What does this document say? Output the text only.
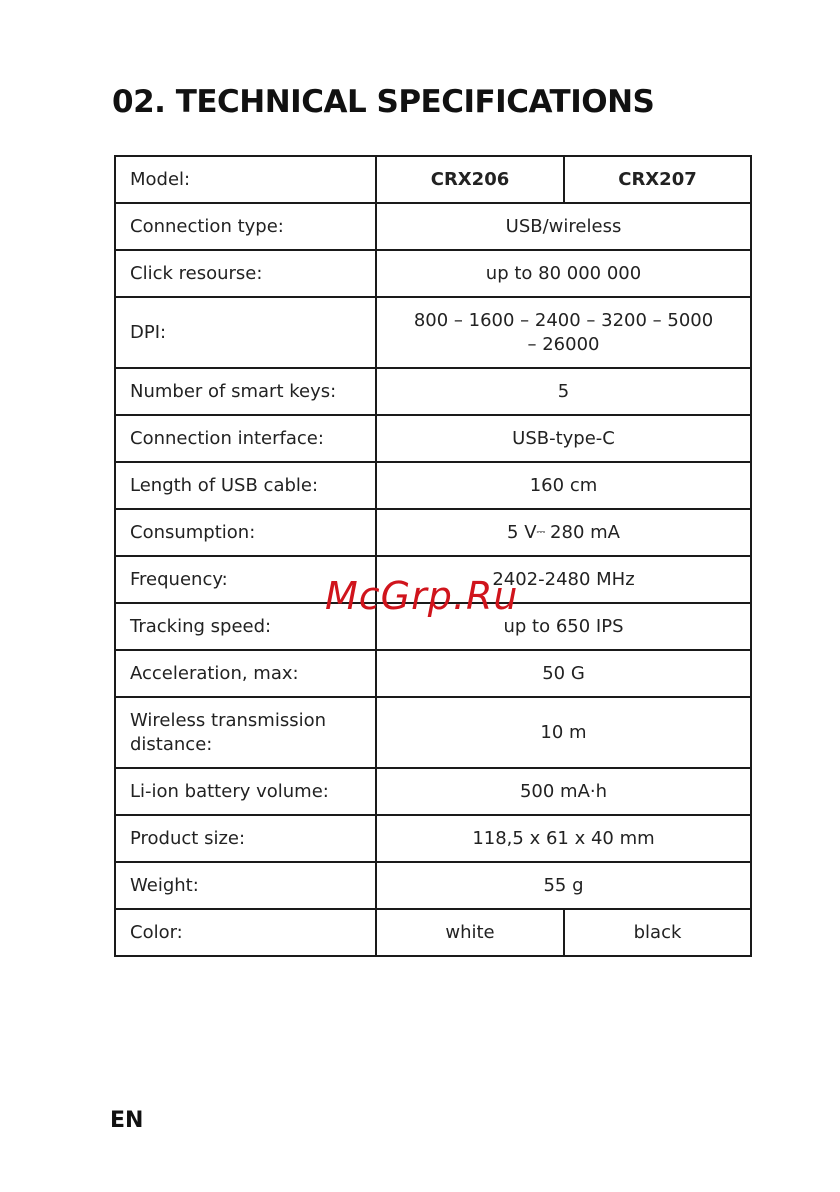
02. TECHNICAL SPECIFICATIONS
Model:	CRX206	CRX207
Connection type:	USB/wireless	
Click resourse:	up to 80 000 000	
DPI:	800 – 1600 – 2400 – 3200 – 5000
– 26000	

Number of smart keys:	5	
Connection interface:	USB-type-C	
Length of USB cable:	160 cm	
Consumption:	5 V⎓ 280 mA	
Frequency:	2402-2480 MHz	
Tracking speed:	up to 650 IPS	
Acceleration, max:	50 G	

Wireless transmission
distance:	10 m	
Li-ion battery volume:	500 mA·h	
Product size:	118,5 x 61 x 40 mm	
Weight:	55 g	
Color:	white	black
McGrp.Ru
EN
